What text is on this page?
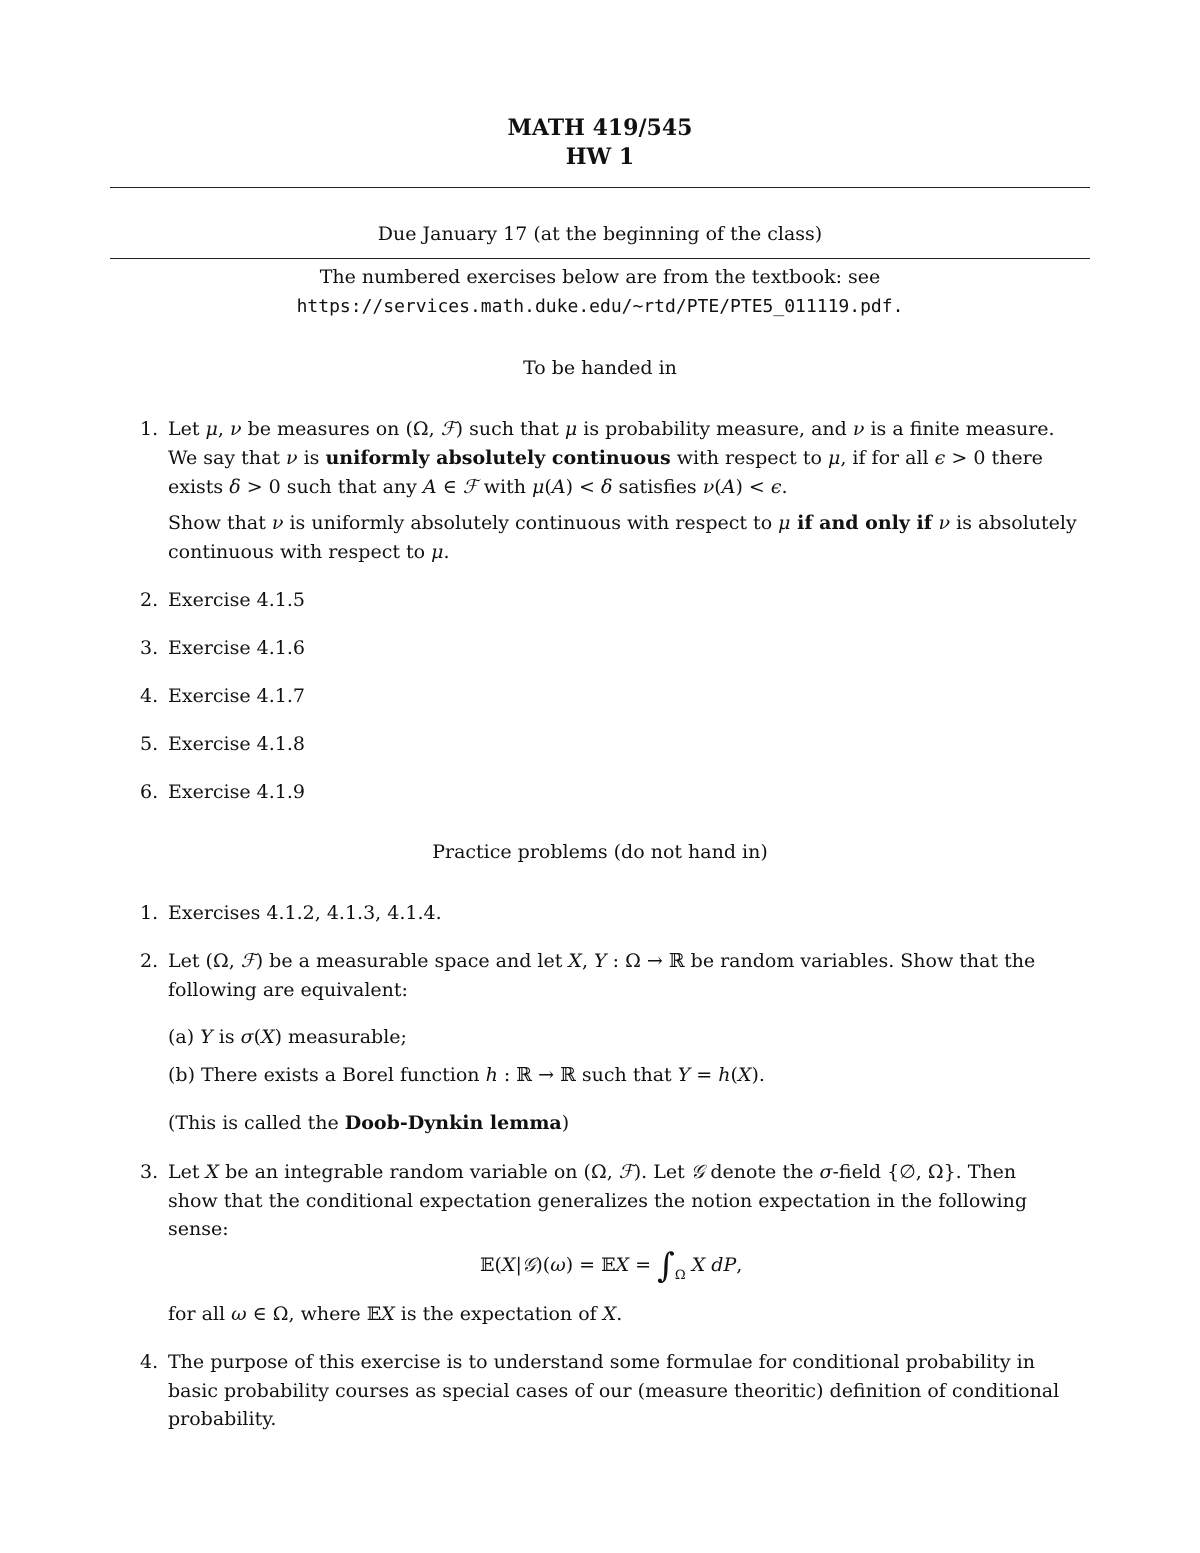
MATH 419/545
HW 1
Due January 17 (at the beginning of the class)
The numbered exercises below are from the textbook: see
https://services.math.duke.edu/~rtd/PTE/PTE5_011119.pdf.
To be handed in
1. Let μ, ν be measures on (Ω, ℱ) such that μ is probability measure, and ν is a finite measure.
We say that ν is uniformly absolutely continuous with respect to μ, if for all ϵ > 0 there
exists δ > 0 such that any A ∈ ℱ with μ(A) < δ satisfies ν(A) < ϵ.
Show that ν is uniformly absolutely continuous with respect to μ if and only if ν is absolutely
continuous with respect to μ.
2. Exercise 4.1.5
3. Exercise 4.1.6
4. Exercise 4.1.7
5. Exercise 4.1.8
6. Exercise 4.1.9
Practice problems (do not hand in)
1. Exercises 4.1.2, 4.1.3, 4.1.4.
2. Let (Ω, ℱ) be a measurable space and let X, Y : Ω → ℝ be random variables. Show that the
following are equivalent:
(a) Y is σ(X) measurable;
(b) There exists a Borel function h : ℝ → ℝ such that Y = h(X).
(This is called the Doob-Dynkin lemma)
3. Let X be an integrable random variable on (Ω, ℱ). Let 𝒢 denote the σ-field {∅, Ω}. Then
show that the conditional expectation generalizes the notion expectation in the following
sense:
𝔼(X|𝒢)(ω) = 𝔼X = $\int_\Omega$ X dP,
for all ω ∈ Ω, where 𝔼X is the expectation of X.
4. The purpose of this exercise is to understand some formulae for conditional probability in
basic probability courses as special cases of our (measure theoritic) definition of conditional
probability.
